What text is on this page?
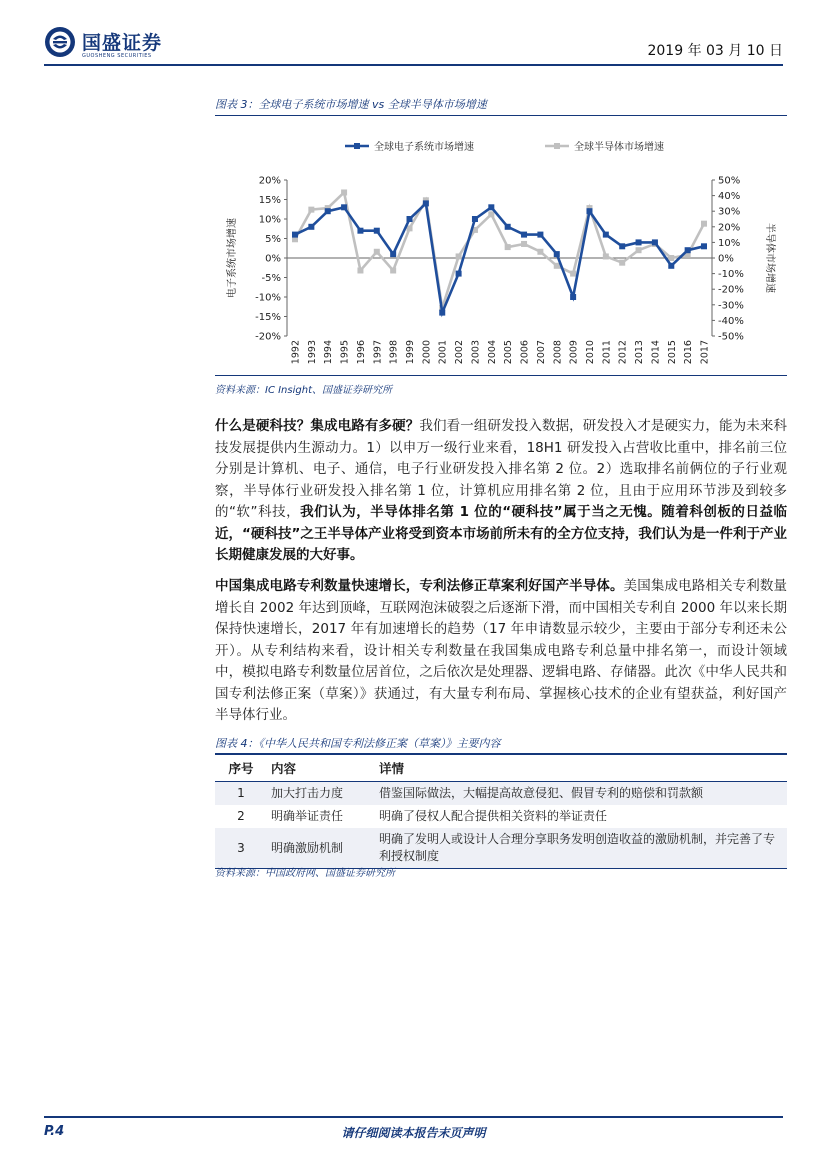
国盛证券
GUOSHENG SECURITIES	2019 年 03 月 10 日
图表 3：全球电子系统市场增速 vs 全球半导体市场增速
-20%
-15%
-10%
-5%
0%
5%
10%
15%
20%
-50%
-40%
-30%
-20%
-10%
0%
10%
20%
30%
40%
50%
1992 1993 1994 1995 1996 1997 1998 1999 2000 2001 2002 2003 2004 2005 2006 2007 2008 2009 2010 2011 2012 2013 2014 2015 2016 2017
电子系统市场增速	半导体市场增速
全球电子系统市场增速	全球半导体市场增速
资料来源：IC Insight、国盛证券研究所
什么是硬科技？集成电路有多硬？我们看一组研发投入数据，研发投入才是硬实力，能为未来科技发展提供内生源动力。1）以申万一级行业来看，18H1 研发投入占营收比重中，排名前三位分别是计算机、电子、通信，电子行业研发投入排名第 2 位。2）选取排名前俩位的子行业观察，半导体行业研发投入排名第 1 位，计算机应用排名第 2 位，且由于应用环节涉及到较多的“软”科技，我们认为，半导体排名第 1 位的“硬科技”属于当之无愧。随着科创板的日益临近，“硬科技”之王半导体产业将受到资本市场前所未有的全方位支持，我们认为是一件利于产业长期健康发展的大好事。
中国集成电路专利数量快速增长，专利法修正草案利好国产半导体。美国集成电路相关专利数量增长自 2002 年达到顶峰，互联网泡沫破裂之后逐渐下滑，而中国相关专利自 2000 年以来长期保持快速增长，2017 年有加速增长的趋势（17 年申请数显示较少，主要由于部分专利还未公开）。从专利结构来看，设计相关专利数量在我国集成电路专利总量中排名第一，而设计领域中，模拟电路专利数量位居首位，之后依次是处理器、逻辑电路、存储器。此次《中华人民共和国专利法修正案（草案）》获通过，有大量专利布局、掌握核心技术的企业有望获益，利好国产半导体行业。
图表 4：《中华人民共和国专利法修正案（草案）》主要内容
序号	内容	详情
1	加大打击力度	借鉴国际做法，大幅提高故意侵犯、假冒专利的赔偿和罚款额
2	明确举证责任	明确了侵权人配合提供相关资料的举证责任
3	明确激励机制	明确了发明人或设计人合理分享职务发明创造收益的激励机制，并完善了专利授权制度
资料来源：中国政府网、国盛证券研究所
P.4	请仔细阅读本报告末页声明
